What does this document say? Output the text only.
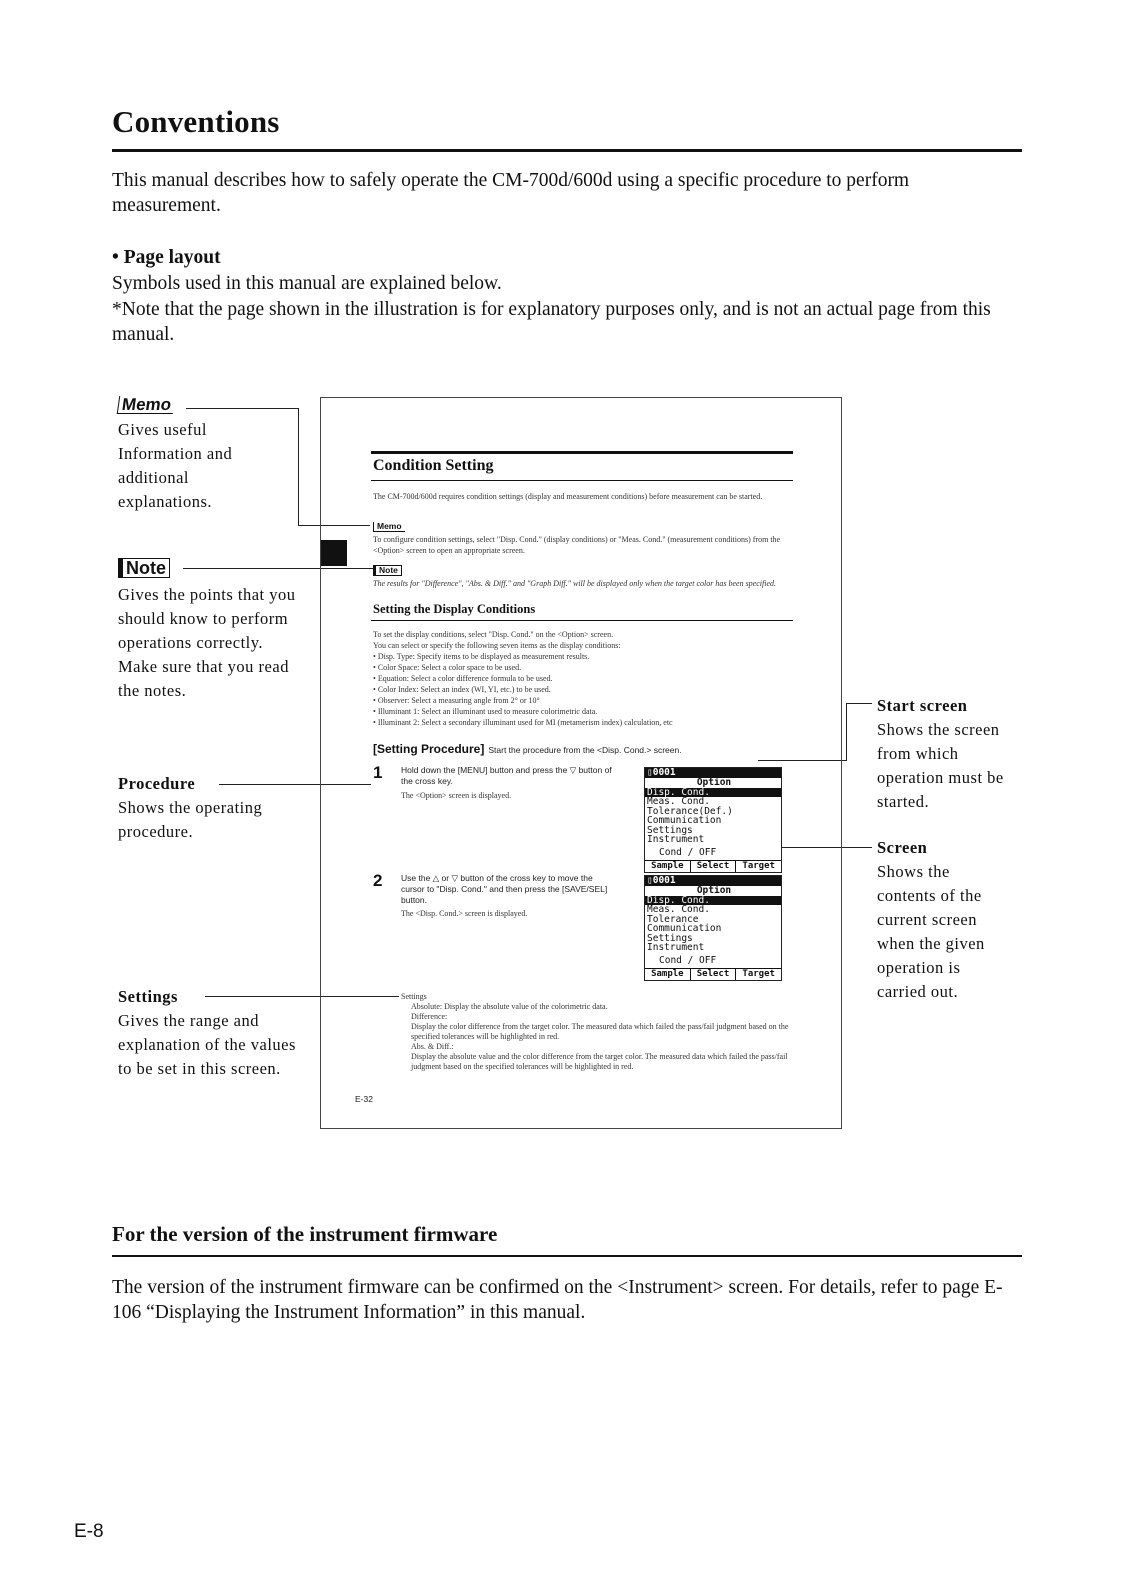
Conventions
This manual describes how to safely operate the CM-700d/600d using a specific procedure to perform measurement.
• Page layout
Symbols used in this manual are explained below.
*Note that the page shown in the illustration is for explanatory purposes only, and is not an actual page from this manual.
Memo
Gives useful Information and additional explanations.
Note
Gives the points that you should know to perform operations correctly. Make sure that you read the notes.
Procedure
Shows the operating procedure.
Settings
Gives the range and explanation of the values to be set in this screen.
Start screen
Shows the screen from which operation must be started.
Screen
Shows the contents of the current screen when the given operation is carried out.
Condition Setting
The CM-700d/600d requires condition settings (display and measurement conditions) before measurement can be started.
Memo
To configure condition settings, select "Disp. Cond." (display conditions) or "Meas. Cond." (measurement conditions) from the <Option> screen to open an appropriate screen.
Note
The results for "Difference", "Abs. & Diff." and "Graph Diff." will be displayed only when the target color has been specified.
Setting the Display Conditions
To set the display conditions, select "Disp. Cond." on the <Option> screen.
You can select or specify the following seven items as the display conditions:
• Disp. Type: Specify items to be displayed as measurement results.
• Color Space: Select a color space to be used.
• Equation: Select a color difference formula to be used.
• Color Index: Select an index (WI, YI, etc.) to be used.
• Observer: Select a measuring angle from 2° or 10°
• Illuminant 1: Select an illuminant used to measure colorimetric data.
• Illuminant 2: Select a secondary illuminant used for MI (metamerism index) calculation, etc
[Setting Procedure] Start the procedure from the <Disp. Cond.> screen.
1 Hold down the [MENU] button and press the ▽ button of the cross key.
The <Option> screen is displayed.
2 Use the △ or ▽ button of the cross key to move the cursor to "Disp. Cond." and then press the [SAVE/SEL] button.
The <Disp. Cond.> screen is displayed.
▯0001
Option
Disp. Cond.
Meas. Cond.
Tolerance(Def.)
Communication
Settings
Instrument
Cond / OFF
Sample	Select	Target
▯0001
Option
Disp. Cond.
Meas. Cond.
Tolerance
Communication
Settings
Instrument
Cond / OFF
Sample	Select	Target
Settings
Absolute: Display the absolute value of the colorimetric data.
Difference:
Display the color difference from the target color. The measured data which failed the pass/fail judgment based on the specified tolerances will be highlighted in red.
Abs. & Diff.:
Display the absolute value and the color difference from the target color. The measured data which failed the pass/fail judgment based on the specified tolerances will be highlighted in red.
E-32
For the version of the instrument firmware
The version of the instrument firmware can be confirmed on the <Instrument> screen. For details, refer to page E-106 “Displaying the Instrument Information” in this manual.
E-8
